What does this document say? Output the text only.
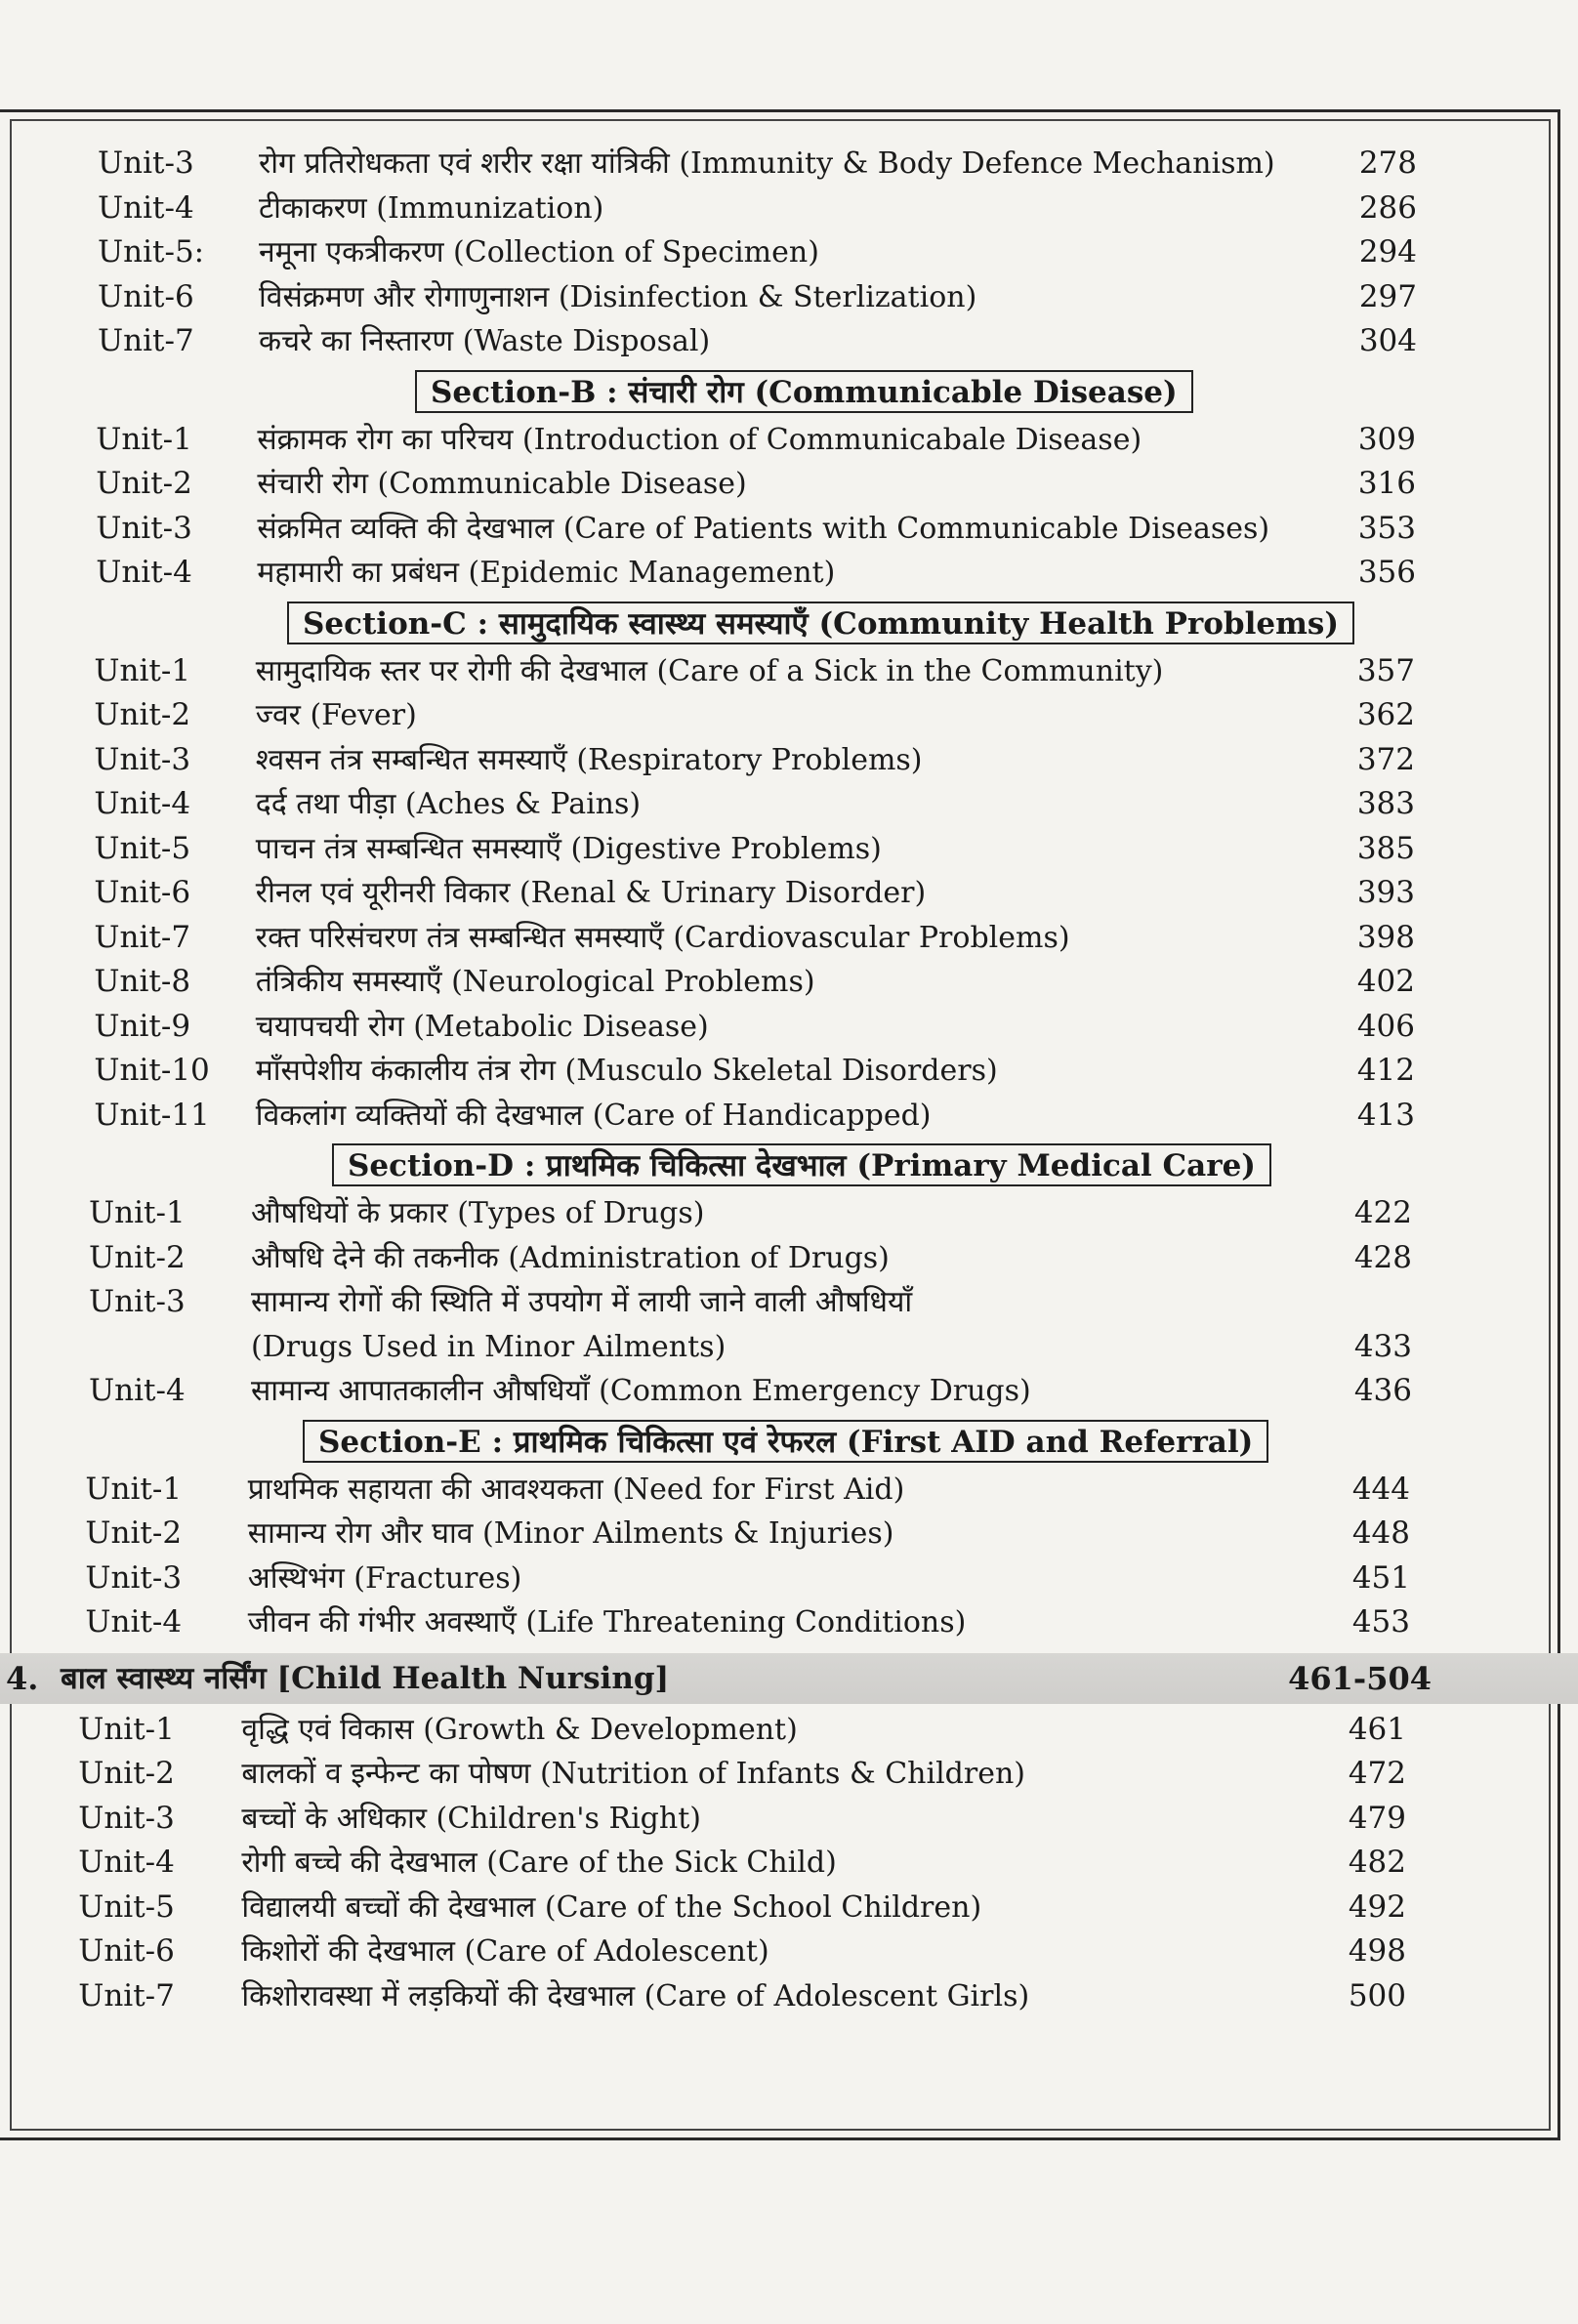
Unit-3 रोग प्रतिरोधकता एवं शरीर रक्षा यांत्रिकी (Immunity & Body Defence Mechanism)	278
Unit-4 टीकाकरण (Immunization)	286
Unit-5: नमूना एकत्रीकरण (Collection of Specimen)	294
Unit-6 विसंक्रमण और रोगाणुनाशन (Disinfection & Sterlization)	297
Unit-7 कचरे का निस्तारण (Waste Disposal)	304
Section-B : संचारी रोग (Communicable Disease)
Unit-1 संक्रामक रोग का परिचय (Introduction of Communicabale Disease)	309
Unit-2 संचारी रोग (Communicable Disease)	316
Unit-3 संक्रमित व्यक्ति की देखभाल (Care of Patients with Communicable Diseases)	353
Unit-4 महामारी का प्रबंधन (Epidemic Management)	356
Section-C : सामुदायिक स्वास्थ्य समस्याएँ (Community Health Problems)
Unit-1 सामुदायिक स्तर पर रोगी की देखभाल (Care of a Sick in the Community)	357
Unit-2 ज्वर (Fever)	362
Unit-3 श्वसन तंत्र सम्बन्धित समस्याएँ (Respiratory Problems)	372
Unit-4 दर्द तथा पीड़ा (Aches & Pains)	383
Unit-5 पाचन तंत्र सम्बन्धित समस्याएँ (Digestive Problems)	385
Unit-6 रीनल एवं यूरीनरी विकार (Renal & Urinary Disorder)	393
Unit-7 रक्त परिसंचरण तंत्र सम्बन्धित समस्याएँ (Cardiovascular Problems)	398
Unit-8 तंत्रिकीय समस्याएँ (Neurological Problems)	402
Unit-9 चयापचयी रोग (Metabolic Disease)	406
Unit-10 माँसपेशीय कंकालीय तंत्र रोग (Musculo Skeletal Disorders)	412
Unit-11 विकलांग व्यक्तियों की देखभाल (Care of Handicapped)	413
Section-D : प्राथमिक चिकित्सा देखभाल (Primary Medical Care)
Unit-1 औषधियों के प्रकार (Types of Drugs)	422
Unit-2 औषधि देने की तकनीक (Administration of Drugs)	428
Unit-3 सामान्य रोगों की स्थिति में उपयोग में लायी जाने वाली औषधियाँ
(Drugs Used in Minor Ailments)	433
Unit-4 सामान्य आपातकालीन औषधियाँ (Common Emergency Drugs)	436
Section-E : प्राथमिक चिकित्सा एवं रेफरल (First AID and Referral)
Unit-1 प्राथमिक सहायता की आवश्यकता (Need for First Aid)	444
Unit-2 सामान्य रोग और घाव (Minor Ailments & Injuries)	448
Unit-3 अस्थिभंग (Fractures)	451
Unit-4 जीवन की गंभीर अवस्थाएँ (Life Threatening Conditions)	453
4. बाल स्वास्थ्य नर्सिंग [Child Health Nursing]	461-504
Unit-1 वृद्धि एवं विकास (Growth & Development)	461
Unit-2 बालकों व इन्फेन्ट का पोषण (Nutrition of Infants & Children)	472
Unit-3 बच्चों के अधिकार (Children's Right)	479
Unit-4 रोगी बच्चे की देखभाल (Care of the Sick Child)	482
Unit-5 विद्यालयी बच्चों की देखभाल (Care of the School Children)	492
Unit-6 किशोरों की देखभाल (Care of Adolescent)	498
Unit-7 किशोरावस्था में लड़कियों की देखभाल (Care of Adolescent Girls)	500
